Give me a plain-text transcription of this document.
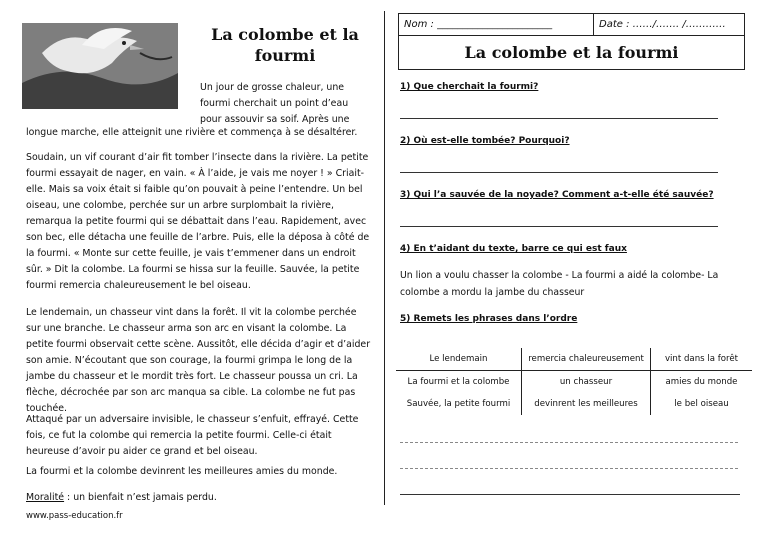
La colombe et la fourmi
Un jour de grosse chaleur, une fourmi cherchait un point d’eau pour assouvir sa soif. Après une
longue marche, elle atteignit une rivière et commença à se désaltérer.
Soudain, un vif courant d’air fit tomber l’insecte dans la rivière. La petite fourmi essayait de nager, en vain. « À l’aide, je vais me noyer ! » Criait-elle. Mais sa voix était si faible qu’on pouvait à peine l’entendre. Un bel oiseau, une colombe, perchée sur un arbre surplombait la rivière, remarqua la petite fourmi qui se débattait dans l’eau. Rapidement, avec son bec, elle détacha une feuille de l’arbre. Puis, elle la déposa à côté de la fourmi. « Monte sur cette feuille, je vais t’emmener dans un endroit sûr. » Dit la colombe. La fourmi se hissa sur la feuille. Sauvée, la petite fourmi remercia chaleureusement le bel oiseau.
Le lendemain, un chasseur vint dans la forêt. Il vit la colombe perchée sur une branche. Le chasseur arma son arc en visant la colombe. La petite fourmi observait cette scène. Aussitôt, elle décida d’agir et d’aider son amie. N’écoutant que son courage, la fourmi grimpa le long de la jambe du chasseur et le mordit très fort. Le chasseur poussa un cri. La flèche, décrochée par son arc manqua sa cible. La colombe ne fut pas touchée.
Attaqué par un adversaire invisible, le chasseur s’enfuit, effrayé. Cette fois, ce fut la colombe qui remercia la petite fourmi. Celle-ci était heureuse d’avoir pu aider ce grand et bel oiseau.
La fourmi et la colombe devinrent les meilleures amies du monde.
Moralité : un bienfait n’est jamais perdu.
www.pass-education.fr
Nom : _______________________	Date : ……/……. /…………
La colombe et la fourmi
1) Que cherchait la fourmi?
2) Où est-elle tombée? Pourquoi?
3) Qui l’a sauvée de la noyade? Comment a-t-elle été sauvée?
4) En t’aidant du texte, barre ce qui est faux
Un lion a voulu chasser la colombe - La fourmi a aidé la colombe- La colombe a mordu la jambe du chasseur
5) Remets les phrases dans l’ordre
Le lendemain	remercia chaleureusement	vint dans la forêt
La fourmi et la colombe	un chasseur	amies du monde
Sauvée, la petite fourmi	devinrent les meilleures	le bel oiseau
